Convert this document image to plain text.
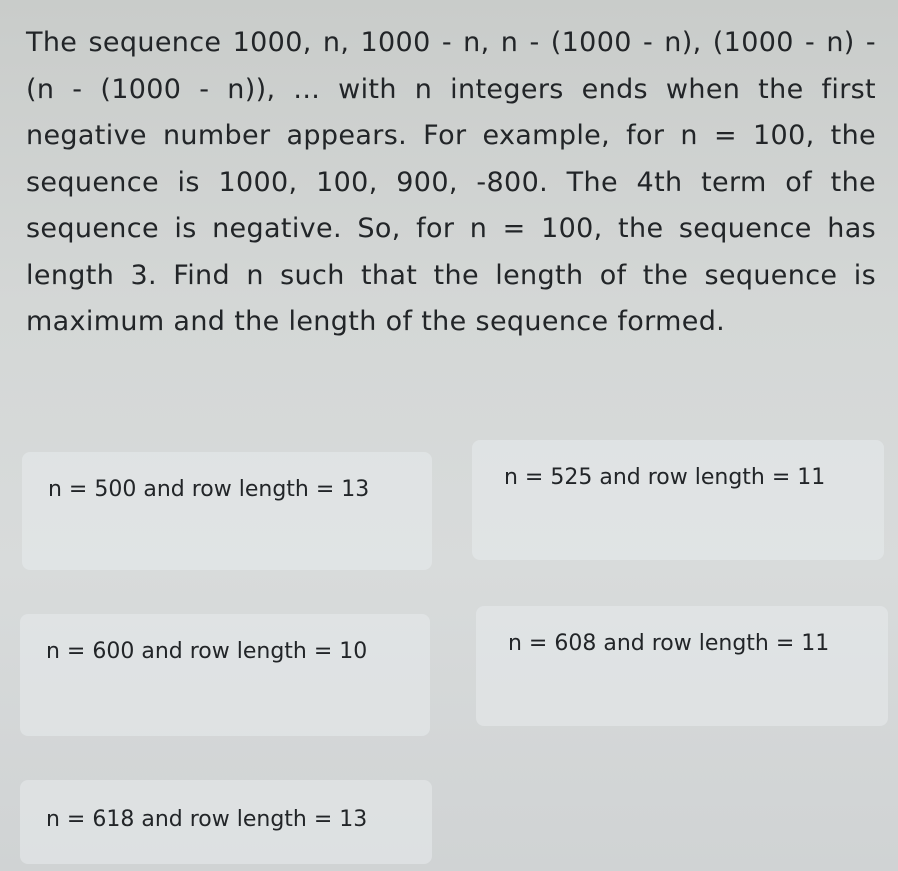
The sequence 1000, n, 1000 - n, n - (1000 - n), (1000 - n) - (n - (1000 - n)), ... with n integers ends when the first negative number appears. For example, for n = 100, the sequence is 1000, 100, 900, -800. The 4th term of the sequence is negative. So, for n = 100, the sequence has length 3. Find n such that the length of the sequence is maximum and the length of the sequence formed.
n = 500 and row length = 13	n = 525 and row length = 11
n = 600 and row length = 10	n = 608 and row length = 11
n = 618 and row length = 13
